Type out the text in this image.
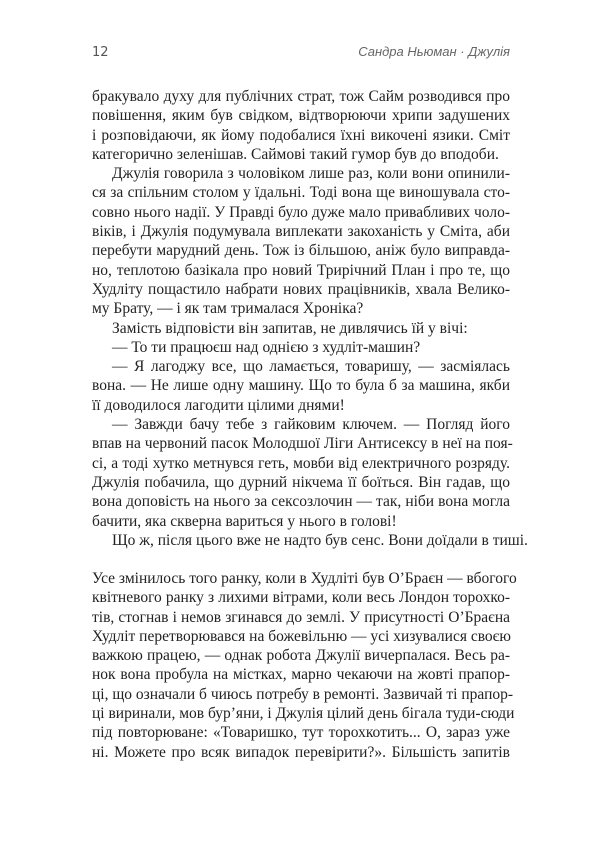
12	Сандра Ньюман · Джулія
бракувало духу для публічних страт, тож Сайм розводився про
повішення, яким був свідком, відтворюючи хрипи задушених
і розповідаючи, як йому подобалися їхні викочені язики. Сміт
категорично зеленішав. Саймові такий гумор був до вподоби.
Джулія говорила з чоловіком лише раз, коли вони опинили-
ся за спільним столом у їдальні. Тоді вона ще виношувала сто-
совно нього надії. У Правді було дуже мало привабливих чоло-
віків, і Джулія подумувала виплекати закоханість у Сміта, аби
перебути марудний день. Тож із більшою, аніж було виправда-
но, теплотою базікала про новий Трирічний План і про те, що
Худліту пощастило набрати нових працівників, хвала Велико-
му Брату, — і як там трималася Хроніка?
Замість відповісти він запитав, не дивлячись їй у вічі:
— То ти працюєш над однією з худліт-машин?
— Я лагоджу все, що ламається, товаришу, — засміялась
вона. — Не лише одну машину. Що то була б за машина, якби
її доводилося лагодити цілими днями!
— Завжди бачу тебе з гайковим ключем. — Погляд його
впав на червоний пасок Молодшої Ліги Антисексу в неї на поя-
сі, а тоді хутко метнувся геть, мовби від електричного розряду.
Джулія побачила, що дурний нікчема її боїться. Він гадав, що
вона доповість на нього за сексозлочин — так, ніби вона могла
бачити, яка скверна вариться у нього в голові!
Що ж, після цього вже не надто був сенс. Вони доїдали в тиші.
Усе змінилось того ранку, коли в Худліті був О’Браєн — вбогого
квітневого ранку з лихими вітрами, коли весь Лондон торохко-
тів, стогнав і немов згинався до землі. У присутності О’Браєна
Худліт перетворювався на божевільню — усі хизувалися своєю
важкою працею, — однак робота Джулії вичерпалася. Весь ра-
нок вона пробула на містках, марно чекаючи на жовті прапор-
ці, що означали б чиюсь потребу в ремонті. Зазвичай ті прапор-
ці виринали, мов бур’яни, і Джулія цілий день бігала туди-сюди
під повторюване: «Товаришко, тут торохкотить... О, зараз уже
ні. Можете про всяк випадок перевірити?». Більшість запитів
